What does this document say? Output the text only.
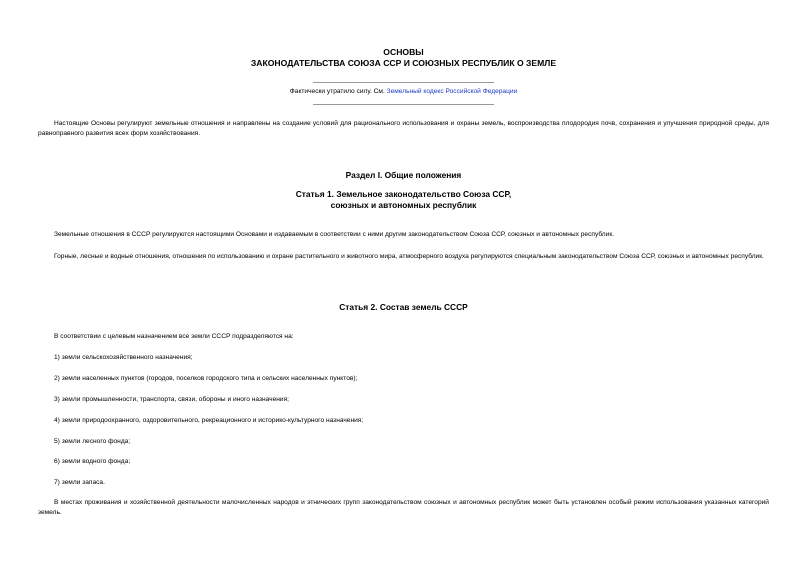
ОСНОВЫ
ЗАКОНОДАТЕЛЬСТВА СОЮЗА ССР И СОЮЗНЫХ РЕСПУБЛИК О ЗЕМЛЕ
Фактически утратило силу. См. Земельный кодекс Российской Федерации
Настоящие Основы регулируют земельные отношения и направлены на создание условий для рационального использования и охраны земель, воспроизводства плодородия почв, сохранения и улучшения природной среды, для равноправного развития всех форм хозяйствования.
Раздел I. Общие положения
Статья 1. Земельное законодательство Союза ССР,
союзных и автономных республик
Земельные отношения в СССР регулируются настоящими Основами и издаваемым в соответствии с ними другим законодательством Союза ССР, союзных и автономных республик.
Горные, лесные и водные отношения, отношения по использованию и охране растительного и животного мира, атмосферного воздуха регулируются специальным законодательством Союза ССР, союзных и автономных республик.
Статья 2. Состав земель СССР
В соответствии с целевым назначением все земли СССР подразделяются на:
1) земли сельскохозяйственного назначения;
2) земли населенных пунктов (городов, поселков городского типа и сельских населенных пунктов);
3) земли промышленности, транспорта, связи, обороны и иного назначения;
4) земли природоохранного, оздоровительного, рекреационного и историко-культурного назначения;
5) земли лесного фонда;
6) земли водного фонда;
7) земли запаса.
В местах проживания и хозяйственной деятельности малочисленных народов и этнических групп законодательством союзных и автономных республик может быть установлен особый режим использования указанных категорий земель.
